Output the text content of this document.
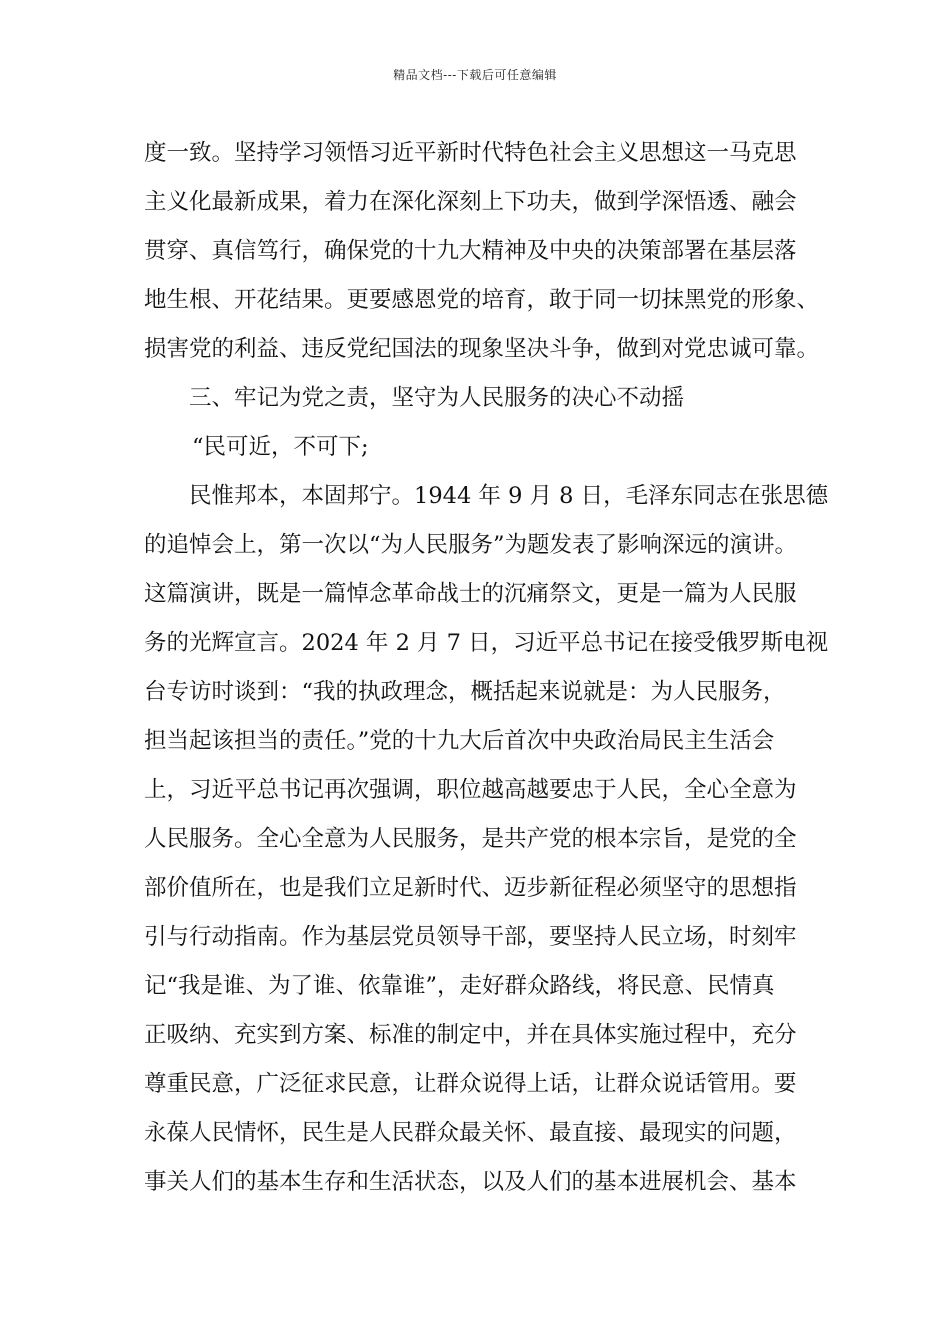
精品文档---下载后可任意编辑
度一致。坚持学习领悟习近平新时代特色社会主义思想这一马克思
主义化最新成果，着力在深化深刻上下功夫，做到学深悟透、融会
贯穿、真信笃行，确保党的十九大精神及中央的决策部署在基层落
地生根、开花结果。更要感恩党的培育，敢于同一切抹黑党的形象、
损害党的利益、违反党纪国法的现象坚决斗争，做到对党忠诚可靠。
三、牢记为党之责，坚守为人民服务的决心不动摇
“民可近，不可下;
民惟邦本，本固邦宁。1944 年 9 月 8 日，毛泽东同志在张思德
的追悼会上，第一次以“为人民服务”为题发表了影响深远的演讲。
这篇演讲，既是一篇悼念革命战士的沉痛祭文，更是一篇为人民服
务的光辉宣言。2024 年 2 月 7 日，习近平总书记在接受俄罗斯电视
台专访时谈到：“我的执政理念，概括起来说就是：为人民服务，
担当起该担当的责任。”党的十九大后首次中央政治局民主生活会
上，习近平总书记再次强调，职位越高越要忠于人民，全心全意为
人民服务。全心全意为人民服务，是共产党的根本宗旨，是党的全
部价值所在，也是我们立足新时代、迈步新征程必须坚守的思想指
引与行动指南。作为基层党员领导干部，要坚持人民立场，时刻牢
记“我是谁、为了谁、依靠谁”，走好群众路线，将民意、民情真
正吸纳、充实到方案、标准的制定中，并在具体实施过程中，充分
尊重民意，广泛征求民意，让群众说得上话，让群众说话管用。要
永葆人民情怀，民生是人民群众最关怀、最直接、最现实的问题，
事关人们的基本生存和生活状态，以及人们的基本进展机会、基本
